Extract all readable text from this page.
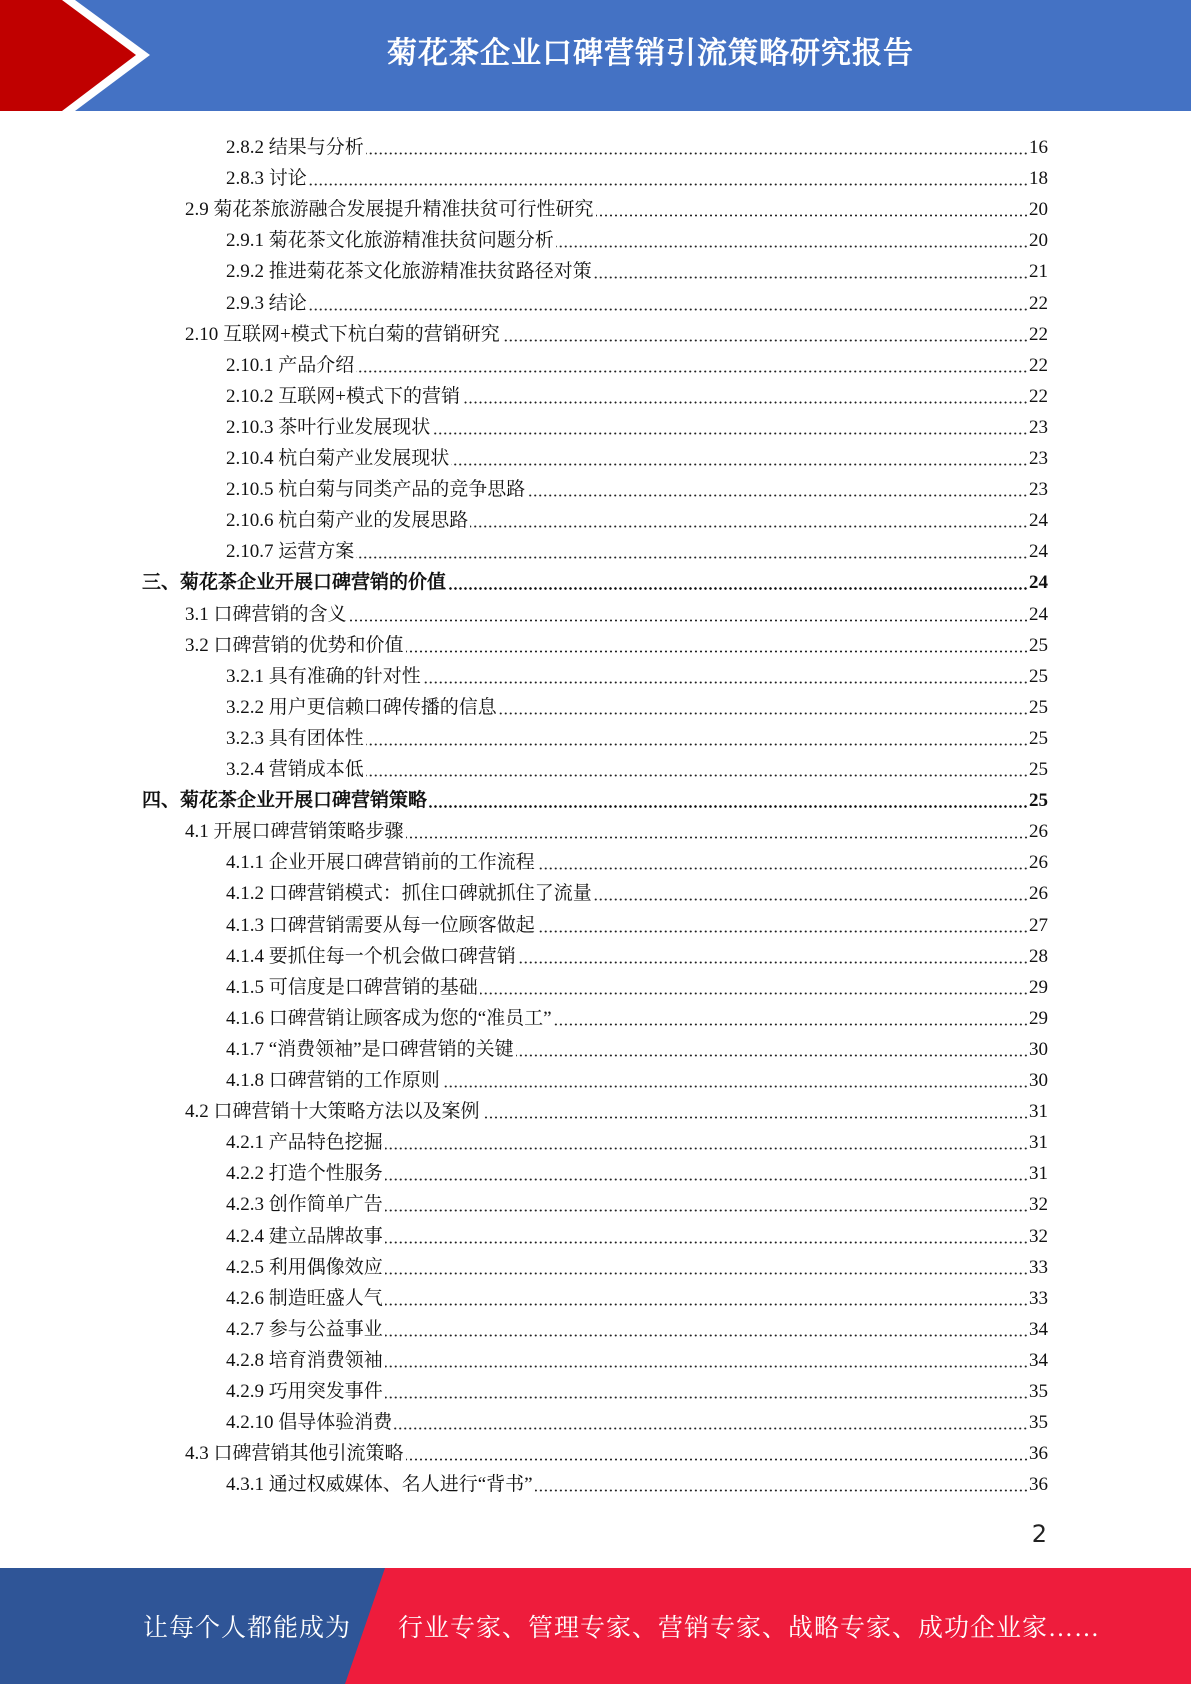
菊花茶企业口碑营销引流策略研究报告
2.8.2 结果与分析	16
2.8.3 讨论	18
2.9 菊花茶旅游融合发展提升精准扶贫可行性研究	20
2.9.1 菊花茶文化旅游精准扶贫问题分析	20
2.9.2 推进菊花茶文化旅游精准扶贫路径对策	21
2.9.3 结论	22
2.10 互联网+模式下杭白菊的营销研究	22
2.10.1 产品介绍	22
2.10.2 互联网+模式下的营销	22
2.10.3 茶叶行业发展现状	23
2.10.4 杭白菊产业发展现状	23
2.10.5 杭白菊与同类产品的竞争思路	23
2.10.6 杭白菊产业的发展思路	24
2.10.7 运营方案	24
三、菊花茶企业开展口碑营销的价值	24
3.1 口碑营销的含义	24
3.2 口碑营销的优势和价值	25
3.2.1 具有准确的针对性	25
3.2.2 用户更信赖口碑传播的信息	25
3.2.3 具有团体性	25
3.2.4 营销成本低	25
四、菊花茶企业开展口碑营销策略	25
4.1 开展口碑营销策略步骤	26
4.1.1 企业开展口碑营销前的工作流程	26
4.1.2 口碑营销模式：抓住口碑就抓住了流量	26
4.1.3 口碑营销需要从每一位顾客做起	27
4.1.4 要抓住每一个机会做口碑营销	28
4.1.5 可信度是口碑营销的基础	29
4.1.6 口碑营销让顾客成为您的“准员工”	29
4.1.7 “消费领袖”是口碑营销的关键	30
4.1.8 口碑营销的工作原则	30
4.2 口碑营销十大策略方法以及案例	31
4.2.1 产品特色挖掘	31
4.2.2 打造个性服务	31
4.2.3 创作简单广告	32
4.2.4 建立品牌故事	32
4.2.5 利用偶像效应	33
4.2.6 制造旺盛人气	33
4.2.7 参与公益事业	34
4.2.8 培育消费领袖	34
4.2.9 巧用突发事件	35
4.2.10 倡导体验消费	35
4.3 口碑营销其他引流策略	36
4.3.1 通过权威媒体、名人进行“背书”	36
2
让每个人都能成为 行业专家、管理专家、营销专家、战略专家、成功企业家……
